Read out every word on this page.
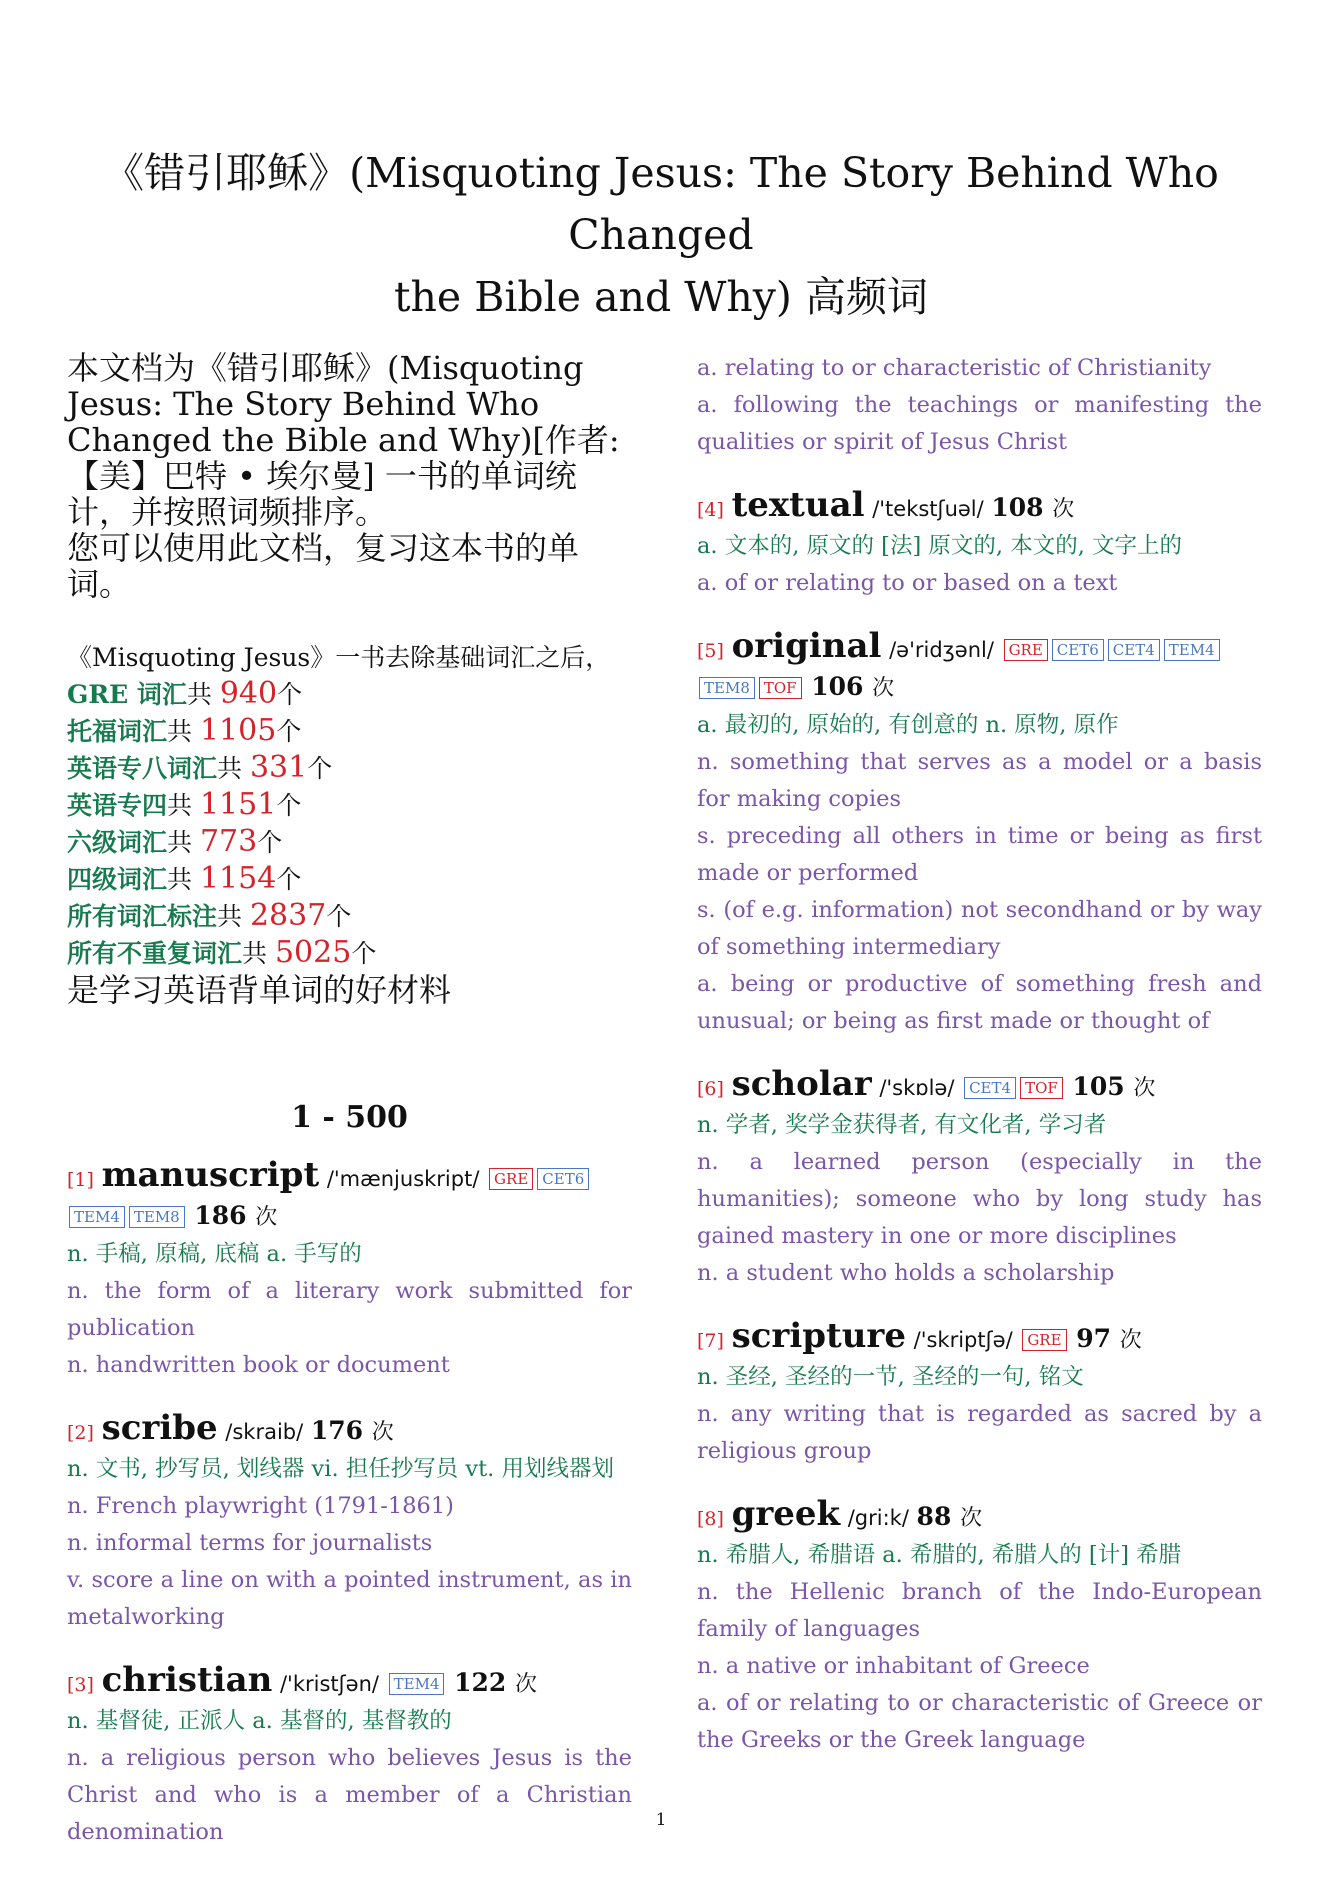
《错引耶稣》(Misquoting Jesus: The Story Behind Who Changed
the Bible and Why) 高频词

本文档为《错引耶稣》(Misquoting Jesus: The Story Behind Who Changed the Bible and Why)[作者: 【美】巴特 • 埃尔曼] 一书的单词统计，并按照词频排序。

您可以使用此文档，复习这本书的单词。

《Misquoting Jesus》一书去除基础词汇之后，
GRE 词汇共 940个
托福词汇共 1105个
英语专八词汇共 331个
英语专四共 1151个
六级词汇共 773个
四级词汇共 1154个
所有词汇标注共 2837个
所有不重复词汇共 5025个
是学习英语背单词的好材料
1 - 500
[1] manuscript /'mænjuskript/ GRE CET6TEM4 TEM8 186 次
n. 手稿, 原稿, 底稿 a. 手写的
n. the form of a literary work submitted for publication
n. handwritten book or document
[2] scribe /skraib/ 176 次
n. 文书, 抄写员, 划线器 vi. 担任抄写员 vt. 用划线器划
n. French playwright (1791-1861)
n. informal terms for journalists
v. score a line on with a pointed instrument, as in metalworking
[3] christian /'kristʃən/ TEM4 122 次
n. 基督徒, 正派人 a. 基督的, 基督教的
n. a religious person who believes Jesus is the Christ and who is a member of a Christian denomination
a. relating to or characteristic of Christianity
a. following the teachings or manifesting the qualities or spirit of Jesus Christ
[4] textual /'tekstʃuəl/ 108 次
a. 文本的, 原文的 [法] 原文的, 本文的, 文字上的
a. of or relating to or based on a text
[5] original /ə'ridʒənl/ GRE CET6 CET4 TEM4TEM8 TOF 106 次
a. 最初的, 原始的, 有创意的 n. 原物, 原作
n. something that serves as a model or a basis for making copies
s. preceding all others in time or being as first made or performed
s. (of e.g. information) not secondhand or by way of something intermediary
a. being or productive of something fresh and unusual; or being as first made or thought of
[6] scholar /'skɒlə/ CET4 TOF 105 次
n. 学者, 奖学金获得者, 有文化者, 学习者
n. a learned person (especially in the humanities); someone who by long study has gained mastery in one or more disciplines
n. a student who holds a scholarship
[7] scripture /'skriptʃə/ GRE 97 次
n. 圣经, 圣经的一节, 圣经的一句, 铭文
n. any writing that is regarded as sacred by a religious group
[8] greek /gri:k/ 88 次
n. 希腊人, 希腊语 a. 希腊的, 希腊人的 [计] 希腊
n. the Hellenic branch of the Indo-European family of languages
n. a native or inhabitant of Greece
a. of or relating to or characteristic of Greece or the Greeks or the Greek language
1
